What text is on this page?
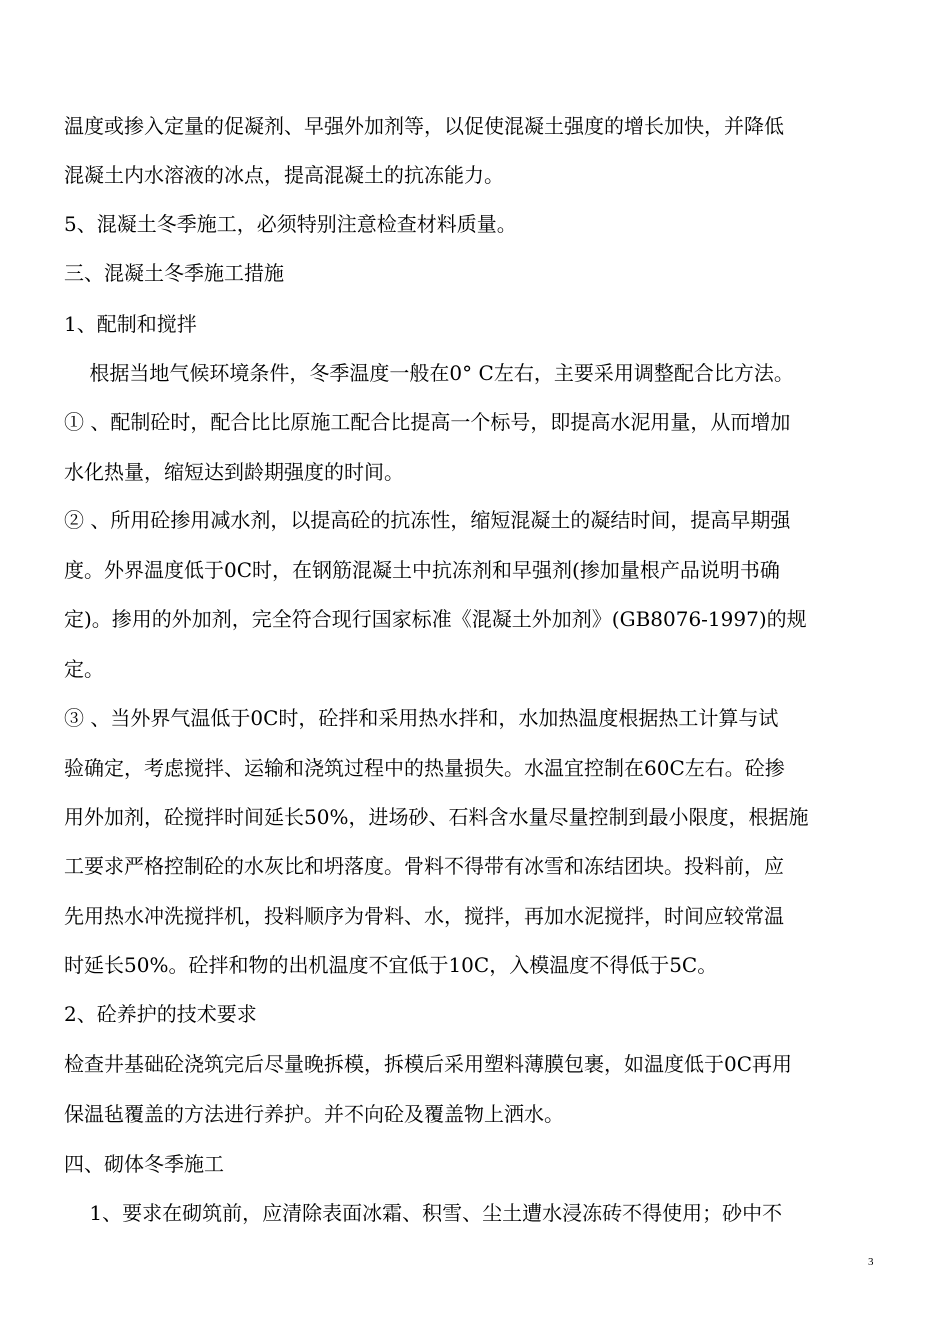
温度或掺入定量的促凝剂、早强外加剂等，以促使混凝土强度的增长加快，并降低
混凝土内水溶液的冰点，提高混凝土的抗冻能力。
5、混凝土冬季施工，必须特别注意检查材料质量。
三、混凝土冬季施工措施
1、配制和搅拌
根据当地气候环境条件，冬季温度一般在0° C左右，主要采用调整配合比方法。
① 、配制砼时，配合比比原施工配合比提高一个标号，即提高水泥用量，从而增加
水化热量，缩短达到龄期强度的时间。
② 、所用砼掺用减水剂，以提高砼的抗冻性，缩短混凝土的凝结时间，提高早期强
度。外界温度低于0C时，在钢筋混凝土中抗冻剂和早强剂(掺加量根产品说明书确
定)。掺用的外加剂，完全符合现行国家标准《混凝土外加剂》(GB8076-1997)的规
定。
③ 、当外界气温低于0C时，砼拌和采用热水拌和，水加热温度根据热工计算与试
验确定，考虑搅拌、运输和浇筑过程中的热量损失。水温宜控制在60C左右。砼掺
用外加剂，砼搅拌时间延长50%，进场砂、石料含水量尽量控制到最小限度，根据施
工要求严格控制砼的水灰比和坍落度。骨料不得带有冰雪和冻结团块。投料前，应
先用热水冲洗搅拌机，投料顺序为骨料、水，搅拌，再加水泥搅拌，时间应较常温
时延长50%。砼拌和物的出机温度不宜低于10C，入模温度不得低于5C。
2、砼养护的技术要求
检查井基础砼浇筑完后尽量晚拆模，拆模后采用塑料薄膜包裹，如温度低于0C再用
保温毡覆盖的方法进行养护。并不向砼及覆盖物上洒水。
四、砌体冬季施工
1、要求在砌筑前，应清除表面冰霜、积雪、尘土遭水浸冻砖不得使用；砂中不
3
